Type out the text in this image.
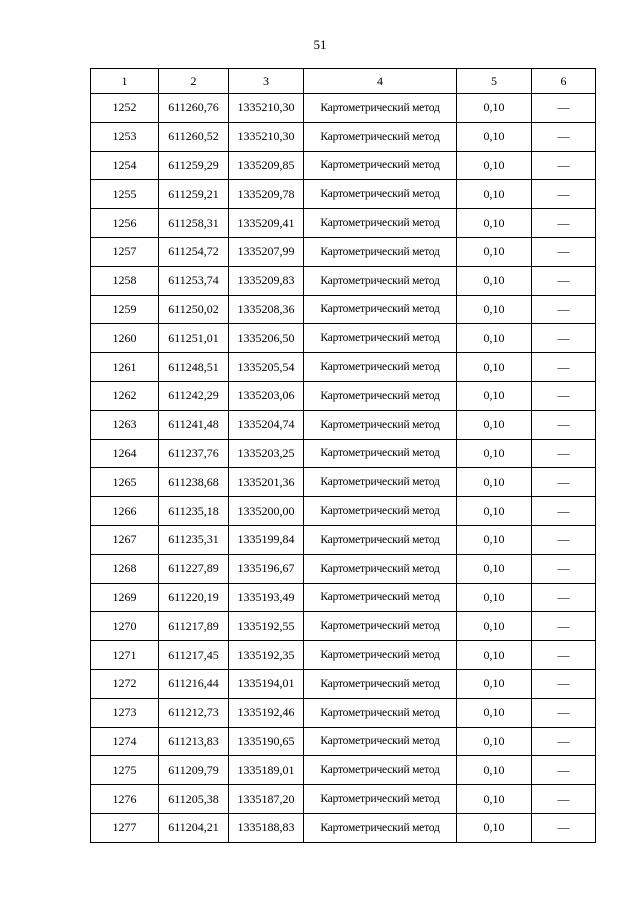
51
1	2	3	4	5	6
1252	611260,76	1335210,30	Картометрический метод	0,10	—
1253	611260,52	1335210,30	Картометрический метод	0,10	—
1254	611259,29	1335209,85	Картометрический метод	0,10	—
1255	611259,21	1335209,78	Картометрический метод	0,10	—
1256	611258,31	1335209,41	Картометрический метод	0,10	—
1257	611254,72	1335207,99	Картометрический метод	0,10	—
1258	611253,74	1335209,83	Картометрический метод	0,10	—
1259	611250,02	1335208,36	Картометрический метод	0,10	—
1260	611251,01	1335206,50	Картометрический метод	0,10	—
1261	611248,51	1335205,54	Картометрический метод	0,10	—
1262	611242,29	1335203,06	Картометрический метод	0,10	—
1263	611241,48	1335204,74	Картометрический метод	0,10	—
1264	611237,76	1335203,25	Картометрический метод	0,10	—
1265	611238,68	1335201,36	Картометрический метод	0,10	—
1266	611235,18	1335200,00	Картометрический метод	0,10	—
1267	611235,31	1335199,84	Картометрический метод	0,10	—
1268	611227,89	1335196,67	Картометрический метод	0,10	—
1269	611220,19	1335193,49	Картометрический метод	0,10	—
1270	611217,89	1335192,55	Картометрический метод	0,10	—
1271	611217,45	1335192,35	Картометрический метод	0,10	—
1272	611216,44	1335194,01	Картометрический метод	0,10	—
1273	611212,73	1335192,46	Картометрический метод	0,10	—
1274	611213,83	1335190,65	Картометрический метод	0,10	—
1275	611209,79	1335189,01	Картометрический метод	0,10	—
1276	611205,38	1335187,20	Картометрический метод	0,10	—
1277	611204,21	1335188,83	Картометрический метод	0,10	—
